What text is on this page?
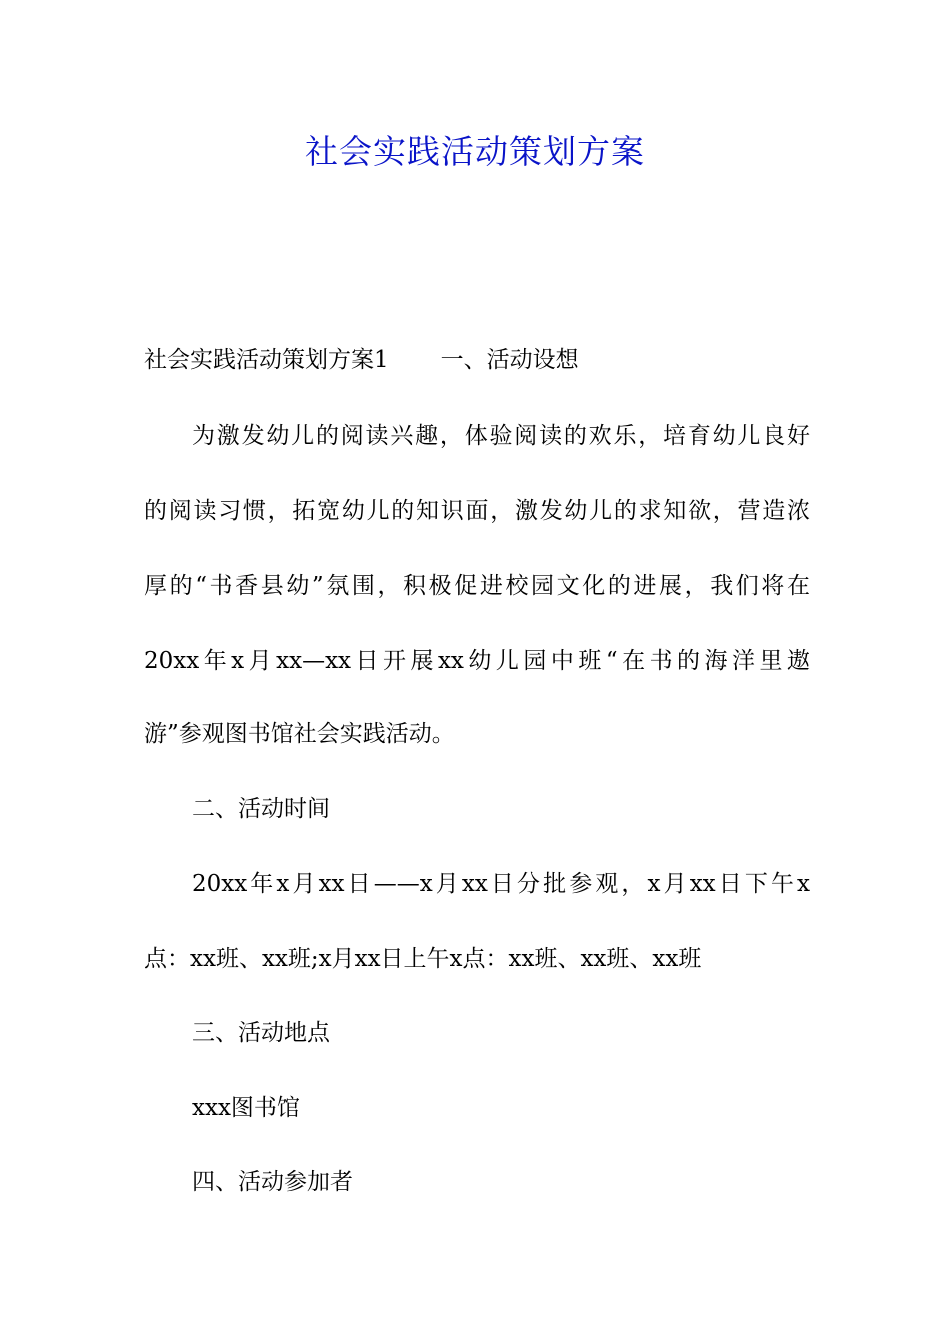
社会实践活动策划方案

社会实践活动策划方案1 一、活动设想

为激发幼儿的阅读兴趣，体验阅读的欢乐，培育幼儿良好

的阅读习惯，拓宽幼儿的知识面，激发幼儿的求知欲，营造浓

厚的“书香县幼”氛围，积极促进校园文化的进展，我们将在

20xx年x月xx—xx日开展xx幼儿园中班“在书的海洋里遨

游”参观图书馆社会实践活动。

二、活动时间

20xx年x月xx日——x月xx日分批参观，x月xx日下午x

点：xx班、xx班;x月xx日上午x点：xx班、xx班、xx班

三、活动地点

xxx图书馆

四、活动参加者
